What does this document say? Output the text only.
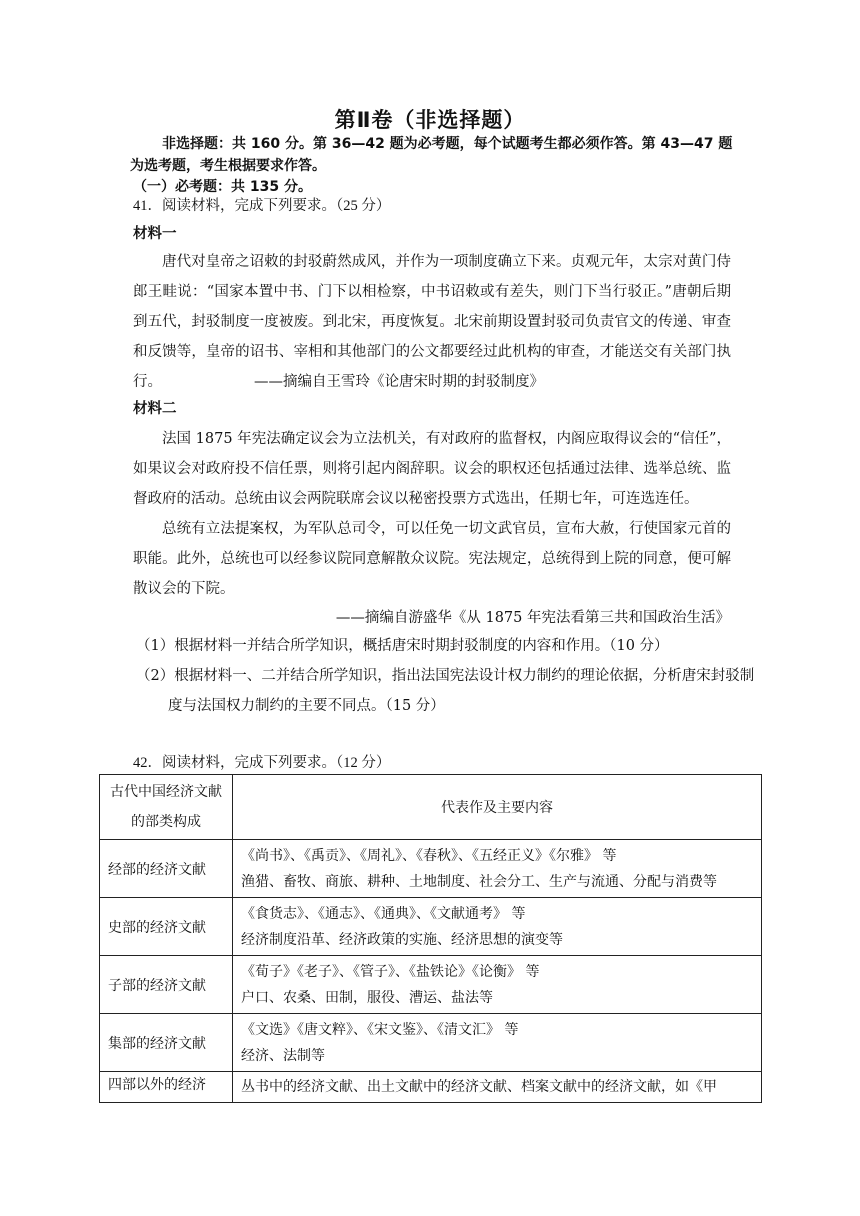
第Ⅱ卷（非选择题）
非选择题：共 160 分。第 36—42 题为必考题，每个试题考生都必须作答。第 43—47 题为选考题，考生根据要求作答。
（一）必考题：共 135 分。
41．阅读材料，完成下列要求。（25 分）
材料一
唐代对皇帝之诏敕的封驳蔚然成风，并作为一项制度确立下来。贞观元年，太宗对黄门侍郎王畦说：“国家本置中书、门下以相检察，中书诏敕或有差失，则门下当行驳正。”唐朝后期到五代，封驳制度一度被废。到北宋，再度恢复。北宋前期设置封驳司负责官文的传递、审查和反馈等，皇帝的诏书、宰相和其他部门的公文都要经过此机构的审查，才能送交有关部门执行。	——摘编自王雪玲《论唐宋时期的封驳制度》
材料二
法国 1875 年宪法确定议会为立法机关，有对政府的监督权，内阁应取得议会的“信任”，如果议会对政府投不信任票，则将引起内阁辞职。议会的职权还包括通过法律、选举总统、监督政府的活动。总统由议会两院联席会议以秘密投票方式选出，任期七年，可连选连任。
总统有立法提案权，为军队总司令，可以任免一切文武官员，宣布大赦，行使国家元首的职能。此外，总统也可以经参议院同意解散众议院。宪法规定，总统得到上院的同意，便可解散议会的下院。
——摘编自游盛华《从 1875 年宪法看第三共和国政治生活》
（1）根据材料一并结合所学知识，概括唐宋时期封驳制度的内容和作用。（10 分）
（2）根据材料一、二并结合所学知识，指出法国宪法设计权力制约的理论依据，分析唐宋封驳制度与法国权力制约的主要不同点。（15 分）
42．阅读材料，完成下列要求。（12 分）
古代中国经济文献的部类构成	代表作及主要内容
经部的经济文献	《尚书》、《禹贡》、《周礼》、《春秋》、《五经正义》《尔雅》 等
渔猎、畜牧、商旅、耕种、土地制度、社会分工、生产与流通、分配与消费等

史部的经济文献	《食货志》、《通志》、《通典》、《文献通考》 等
经济制度沿革、经济政策的实施、经济思想的演变等

子部的经济文献	《荀子》《老子》、《管子》、《盐铁论》《论衡》 等
户口、农桑、田制，服役、漕运、盐法等

集部的经济文献	《文选》《唐文粹》、《宋文鉴》、《清文汇》 等
经济、法制等

四部以外的经济	丛书中的经济文献、出土文献中的经济文献、档案文献中的经济文献，如《甲
